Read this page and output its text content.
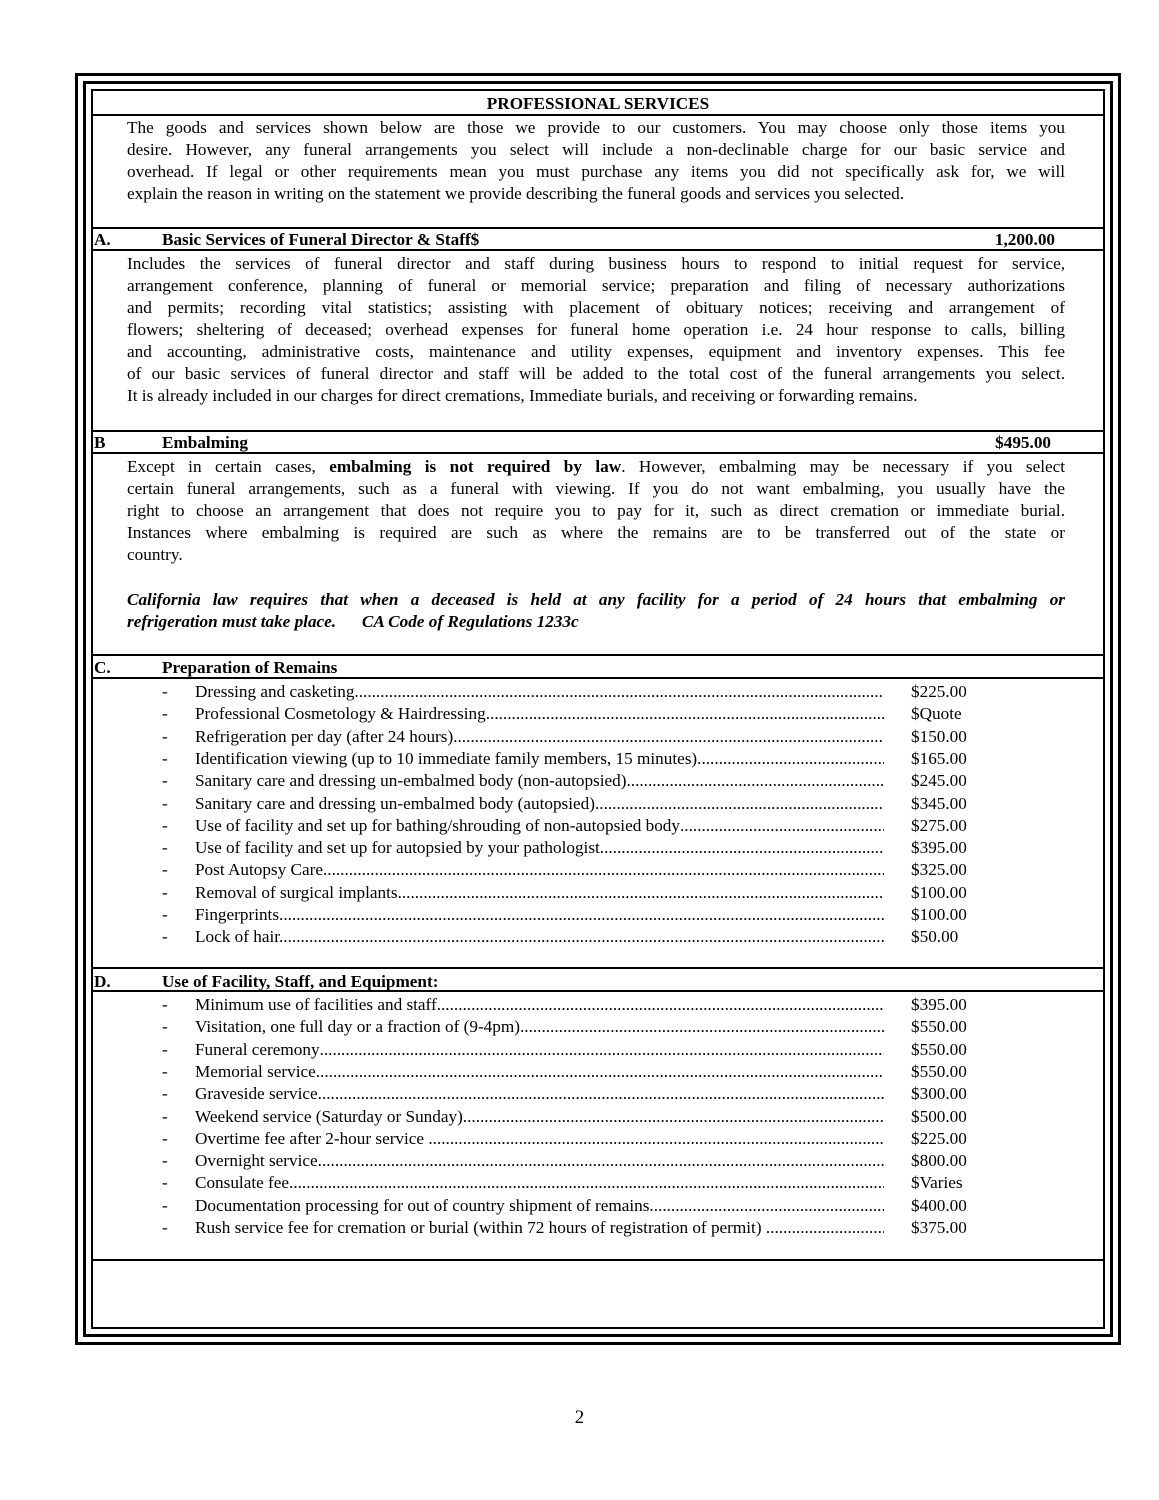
PROFESSIONAL SERVICES
The goods and services shown below are those we provide to our customers. You may choose only those items you
desire. However, any funeral arrangements you select will include a non-declinable charge for our basic service and
overhead. If legal or other requirements mean you must purchase any items you did not specifically ask for, we will
explain the reason in writing on the statement we provide describing the funeral goods and services you selected.
A.	Basic Services of Funeral Director & Staff$	1,200.00
Includes the services of funeral director and staff during business hours to respond to initial request for service,
arrangement conference, planning of funeral or memorial service; preparation and filing of necessary authorizations
and permits; recording vital statistics; assisting with placement of obituary notices; receiving and arrangement of
flowers; sheltering of deceased; overhead expenses for funeral home operation i.e. 24 hour response to calls, billing
and accounting, administrative costs, maintenance and utility expenses, equipment and inventory expenses. This fee
of our basic services of funeral director and staff will be added to the total cost of the funeral arrangements you select.
It is already included in our charges for direct cremations, Immediate burials, and receiving or forwarding remains.
B	Embalming	$495.00
Except in certain cases, embalming is not required by law. However, embalming may be necessary if you select
certain funeral arrangements, such as a funeral with viewing. If you do not want embalming, you usually have the
right to choose an arrangement that does not require you to pay for it, such as direct cremation or immediate burial.
Instances where embalming is required are such as where the remains are to be transferred out of the state or
country.
California law requires that when a deceased is held at any facility for a period of 24 hours that embalming or
refrigeration must take place.      CA Code of Regulations 1233c
C.	Preparation of Remains
-	Dressing and casketing .....	$225.00
-	Professional Cosmetology & Hairdressing .....	$Quote
-	Refrigeration per day (after 24 hours) .....	$150.00
-	Identification viewing (up to 10 immediate family members, 15 minutes) .....	$165.00
-	Sanitary care and dressing un-embalmed body (non-autopsied) .....	$245.00
-	Sanitary care and dressing un-embalmed body (autopsied) .....	$345.00
-	Use of facility and set up for bathing/shrouding of non-autopsied body .....	$275.00
-	Use of facility and set up for autopsied by your pathologist .....	$395.00
-	Post Autopsy Care .....	$325.00
-	Removal of surgical implants .....	$100.00
-	Fingerprints .....	$100.00
-	Lock of hair. .....	$50.00
D.	Use of Facility, Staff, and Equipment:
-	Minimum use of facilities and staff .....	$395.00
-	Visitation, one full day or a fraction of (9-4pm) .....	$550.00
-	Funeral ceremony .....	$550.00
-	Memorial service .....	$550.00
-	Graveside service .....	$300.00
-	Weekend service (Saturday or Sunday) .....	$500.00
-	Overtime fee after 2-hour service .....	$225.00
-	Overnight service .....	$800.00
-	Consulate fee .....	$Varies
-	Documentation processing for out of country shipment of remains .....	$400.00
-	Rush service fee for cremation or burial (within 72 hours of registration of permit) .....	$375.00
2
